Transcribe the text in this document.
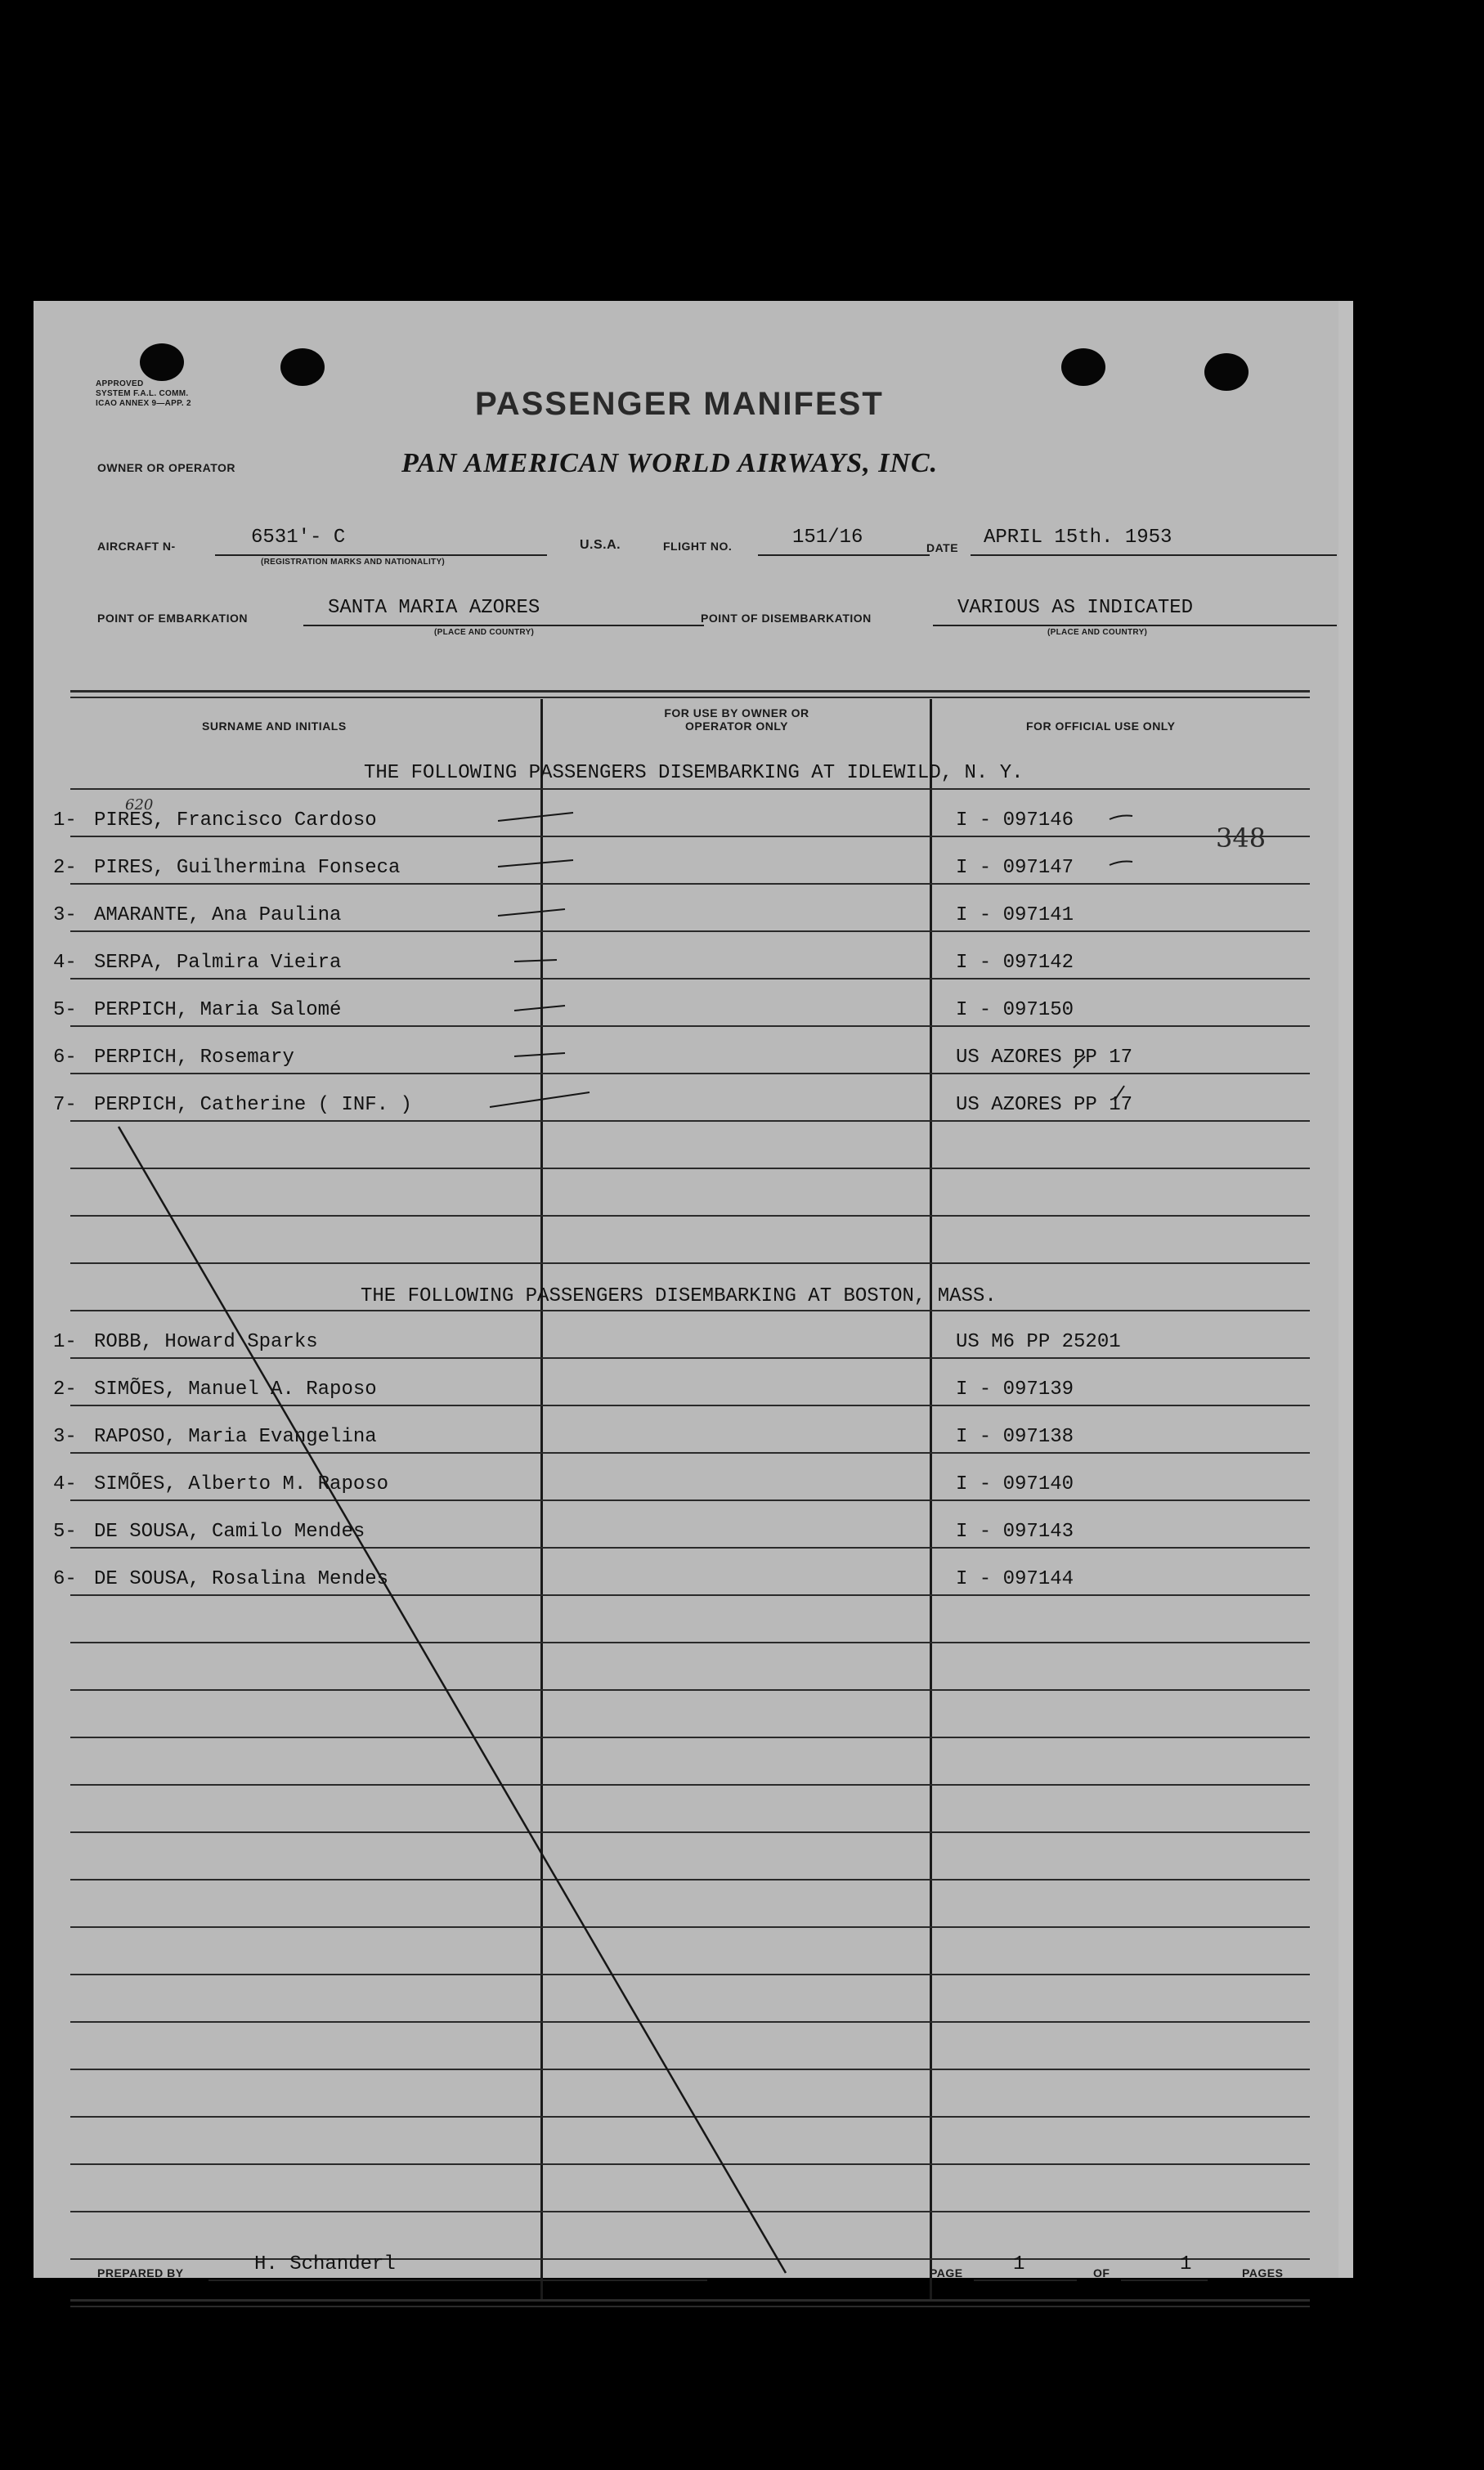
APPROVED
SYSTEM F.A.L. COMM.
ICAO ANNEX 9—APP. 2	PASSENGER MANIFEST
OWNER OR OPERATOR	PAN AMERICAN WORLD AIRWAYS, INC.
AIRCRAFT N-	6531'- C
(REGISTRATION MARKS AND NATIONALITY)
U.S.A.	FLIGHT NO.	151/16	DATE APRIL 15th. 1953
POINT OF EMBARKATION	SANTA MARIA AZORES
(PLACE AND COUNTRY)
POINT OF DISEMBARKATION	VARIOUS AS INDICATED
(PLACE AND COUNTRY)
SURNAME AND INITIALS
FOR USE BY OWNER OR OPERATOR ONLY	FOR OFFICIAL USE ONLY
THE FOLLOWING PASSENGERS DISEMBARKING AT IDLEWILD, N. Y.
1- PIRES, Francisco Cardoso	I - 097146
2- PIRES, Guilhermina Fonseca	I - 097147
3- AMARANTE, Ana Paulina	I - 097141
4- SERPA, Palmira Vieira	I - 097142
5- PERPICH, Maria Salomé	I - 097150
6- PERPICH, Rosemary	US AZORES PP 17
7- PERPICH, Catherine ( INF. )	US AZORES PP 17
THE FOLLOWING PASSENGERS DISEMBARKING AT BOSTON, MASS.
1- ROBB, Howard Sparks	US M6 PP 25201
2- SIMÕES, Manuel A. Raposo	I - 097139
3- RAPOSO, Maria Evangelina	I - 097138
4- SIMÕES, Alberto M. Raposo	I - 097140
5- DE SOUSA, Camilo Mendes	I - 097143
6- DE SOUSA, Rosalina Mendes	I - 097144
348
620
PREPARED BY	H. Schanderl	PAGE	1	OF	1	PAGES
